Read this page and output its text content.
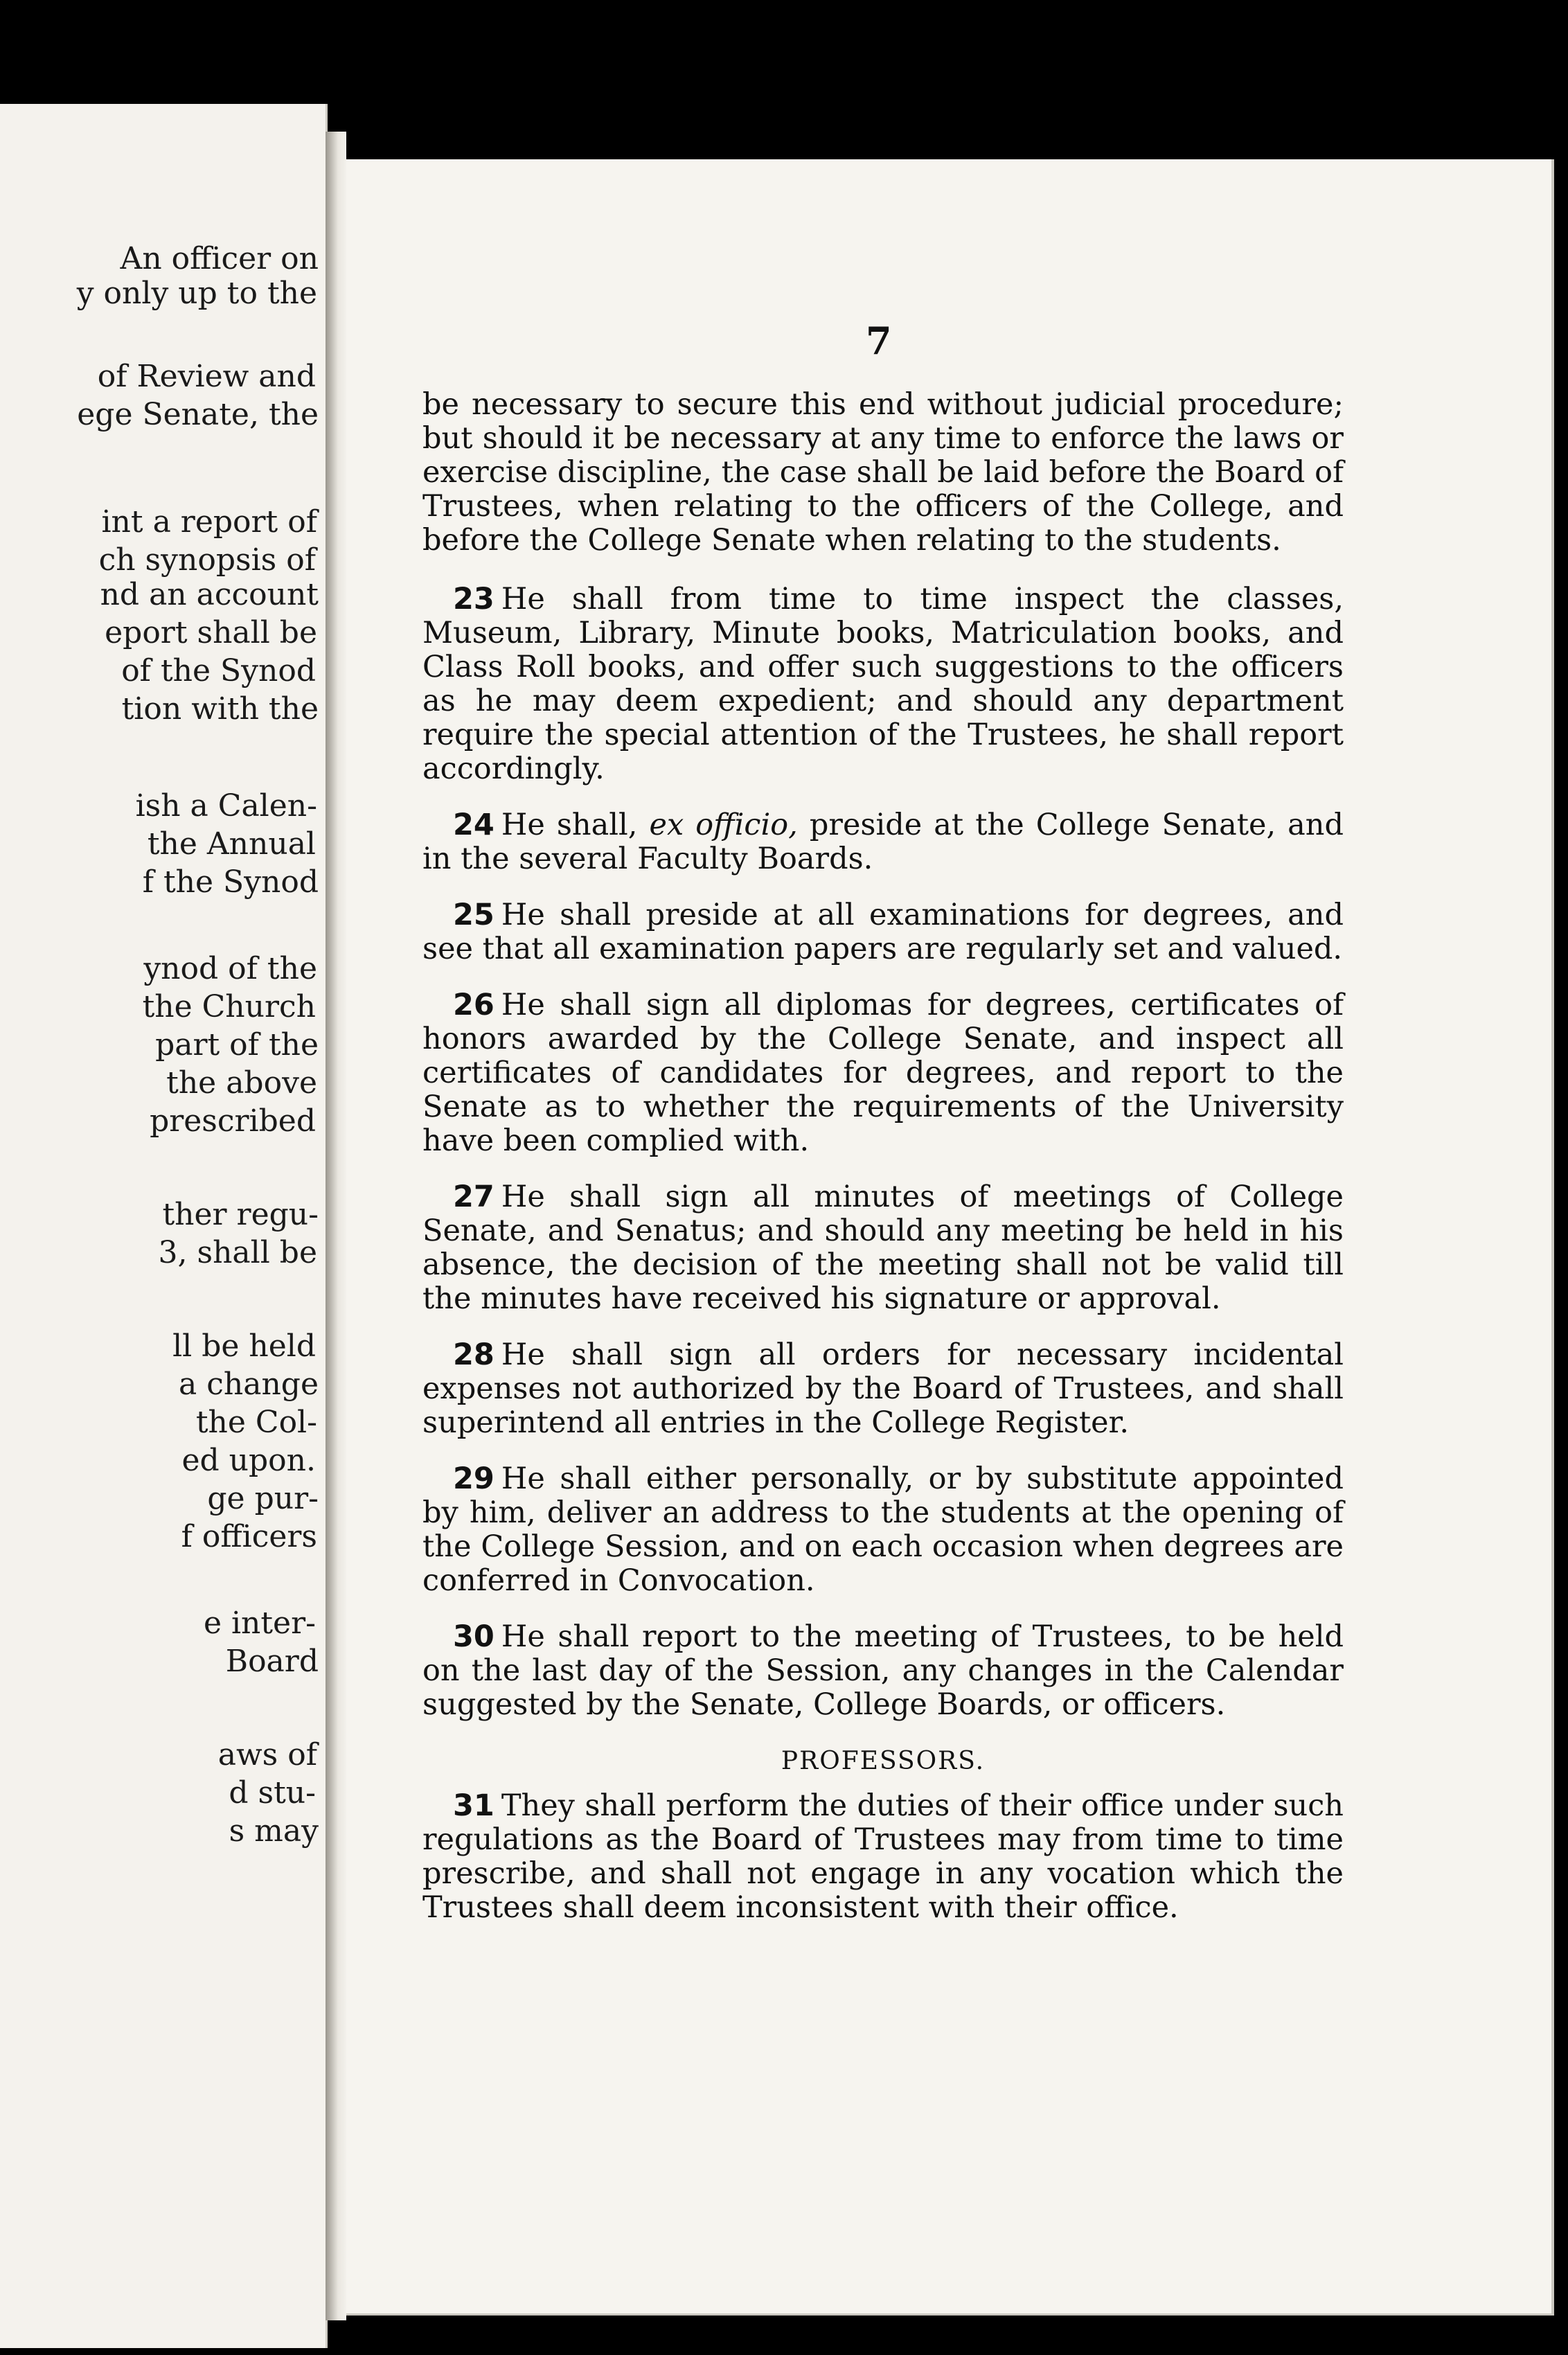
An officer on
y only up to the
of Review and
ege Senate, the
int a report of
ch synopsis of
nd an account
eport shall be
of the Synod
tion with the
ish a Calen-
the Annual
f the Synod
ynod of the
the Church
part of the
the above
prescribed
ther regu-
3, shall be
ll be held
a change
the Col-
ed upon.
ge pur-
f officers
e inter-
Board
aws of
d stu-
s may
7

be necessary to secure this end without judicial procedure; but should it be necessary at any time to enforce the laws or exercise discipline, the case shall be laid before the Board of Trustees, when relating to the officers of the College, and before the College Senate when relating to the students.

23 He shall from time to time inspect the classes, Museum, Library, Minute books, Matriculation books, and Class Roll books, and offer such suggestions to the officers as he may deem expedient; and should any department require the special attention of the Trustees, he shall report accordingly.

24 He shall, ex officio, preside at the College Senate, and in the several Faculty Boards.

25 He shall preside at all examinations for degrees, and see that all examination papers are regularly set and valued.

26 He shall sign all diplomas for degrees, certificates of honors awarded by the College Senate, and inspect all certificates of candidates for degrees, and report to the Senate as to whether the requirements of the University have been complied with.

27 He shall sign all minutes of meetings of College Senate, and Senatus; and should any meeting be held in his absence, the decision of the meeting shall not be valid till the minutes have received his signature or approval.

28 He shall sign all orders for necessary incidental expenses not authorized by the Board of Trustees, and shall superintend all entries in the College Register.

29 He shall either personally, or by substitute appointed by him, deliver an address to the students at the opening of the College Session, and on each occasion when degrees are conferred in Convocation.

30 He shall report to the meeting of Trustees, to be held on the last day of the Session, any changes in the Calendar suggested by the Senate, College Boards, or officers.

PROFESSORS.

31 They shall perform the duties of their office under such regulations as the Board of Trustees may from time to time prescribe, and shall not engage in any vocation which the Trustees shall deem inconsistent with their office.
